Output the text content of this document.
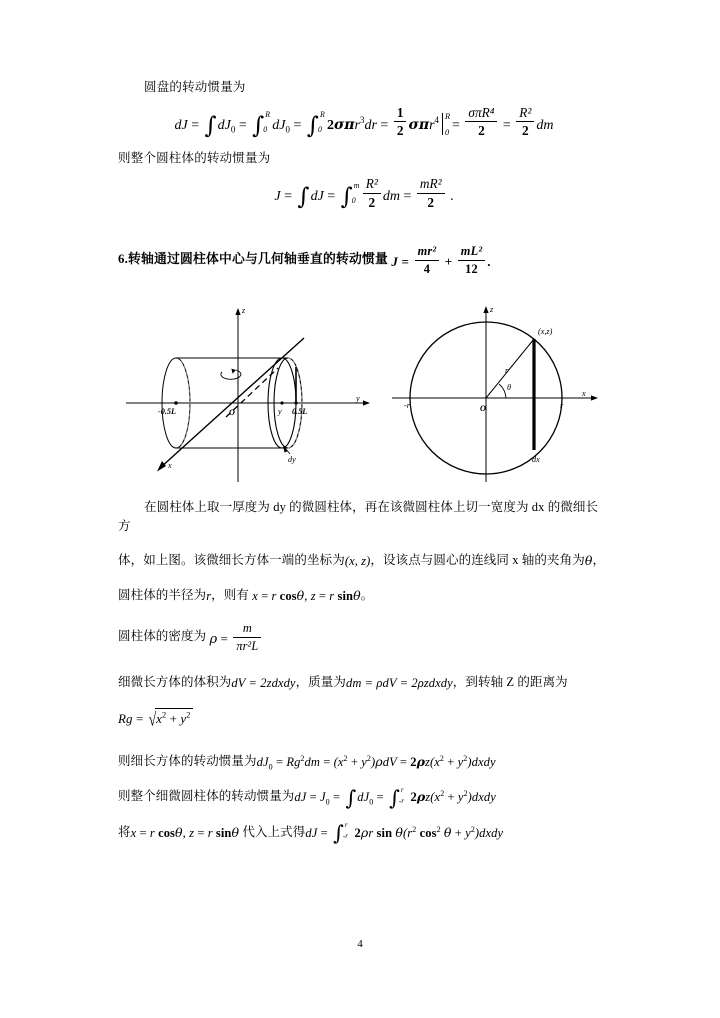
圆盘的转动惯量为

dJ = $\int dJ_0$ = ∫ R
0 $dJ_0$ = ∫ R
0 $2\sigma\pi r^3dr = \frac{1}{2} \sigma\pi r^4$ R
$0 = \frac{\text{σπR⁴}}{2} = \frac{\text{R²}}{2}$ dm

则整个圆柱体的转动惯量为

J = ∫dJ = ∫ m
0
$\frac{\text{R²}}{2}$ dm = $\frac{\text{mR²}}{2}$ .

6.转轴通过圆柱体中心与几何轴垂直的转动惯量 $J = \frac{\text{mr²}}{4} + \frac{\text{mL²}}{12}$ .

z
y
x
-0.5L	O	y 0.5L
dy
z
x
θ
r
O
-r	r
(x,z)
dx

在圆柱体上取一厚度为 dy 的微圆柱体，再在该微圆柱体上切一宽度为 dx 的微细长方

体，如上图。该微细长方体一端的坐标为(x, z)，设该点与圆心的连线同 x 轴的夹角为θ，

圆柱体的半径为r，则有 x = r cosθ, z = r sinθ。

圆柱体的密度为 $\rho = \frac{m}{\text{πr²L}}$

细微长方体的体积为dV = 2zdxdy，质量为dm = ρdV = 2ρzdxdy，到转轴 Z 的距离为

$Rg = √x^2 + y^2$

则细长方体的转动惯量为$dJ_0 = Rg^2dm = (x^2 + y^2)\rho dV = 2\rho z(x^2$ + $y^2)dxdy$

则整个细微圆柱体的转动惯量为dJ = $J_0 = \int dJ_0$ = ∫ r
-r $2\rho z(x^2$ + $y^2)dxdy$

将x = r cosθ, z = r sinθ 代入上式得dJ = ∫ r
-r 2ρr $\sin \theta(r^2$ $\cos^2 \theta$ + $y^2)dxdy$

4
